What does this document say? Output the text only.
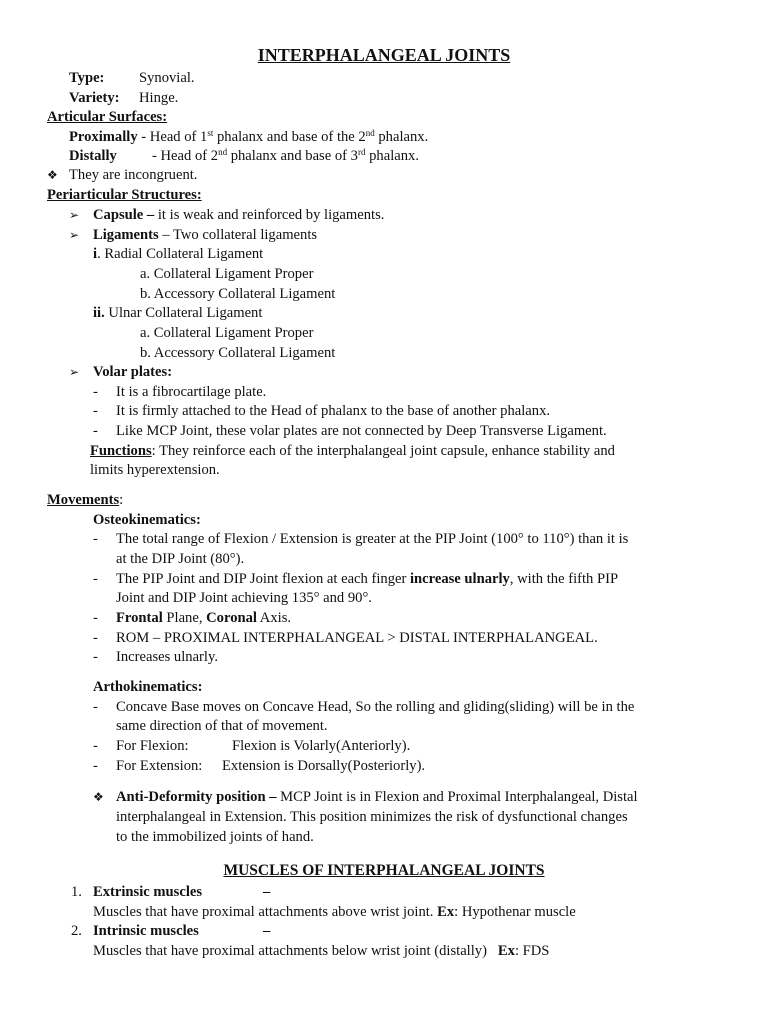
INTERPHALANGEAL JOINTS
Type: Synovial.
Variety: Hinge.
Articular Surfaces:
Proximally - Head of 1st phalanx and base of the 2nd phalanx.
Distally - Head of 2nd phalanx and base of 3rd phalanx.
❖ They are incongruent.
Periarticular Structures:
➢ Capsule – it is weak and reinforced by ligaments.
➢ Ligaments – Two collateral ligaments
i. Radial Collateral Ligament
a. Collateral Ligament Proper
b. Accessory Collateral Ligament
ii. Ulnar Collateral Ligament
a. Collateral Ligament Proper
b. Accessory Collateral Ligament
➢ Volar plates:
- It is a fibrocartilage plate.
- It is firmly attached to the Head of phalanx to the base of another phalanx.
- Like MCP Joint, these volar plates are not connected by Deep Transverse Ligament.
Functions: They reinforce each of the interphalangeal joint capsule, enhance stability and
limits hyperextension.
Movements:
Osteokinematics:
- The total range of Flexion / Extension is greater at the PIP Joint (100° to 110°) than it is
at the DIP Joint (80°).
- The PIP Joint and DIP Joint flexion at each finger increase ulnarly, with the fifth PIP
Joint and DIP Joint achieving 135° and 90°.
- Frontal Plane, Coronal Axis.
- ROM – PROXIMAL INTERPHALANGEAL > DISTAL INTERPHALANGEAL.
- Increases ulnarly.
Arthokinematics:
- Concave Base moves on Concave Head, So the rolling and gliding(sliding) will be in the
same direction of that of movement.
- For Flexion:	Flexion is Volarly(Anteriorly).
- For Extension: Extension is Dorsally(Posteriorly).
❖ Anti-Deformity position – MCP Joint is in Flexion and Proximal Interphalangeal, Distal
interphalangeal in Extension. This position minimizes the risk of dysfunctional changes
to the immobilized joints of hand.
MUSCLES OF INTERPHALANGEAL JOINTS
1. Extrinsic muscles	–
Muscles that have proximal attachments above wrist joint. Ex: Hypothenar muscle
2. Intrinsic muscles	–
Muscles that have proximal attachments below wrist joint (distally)   Ex: FDS
